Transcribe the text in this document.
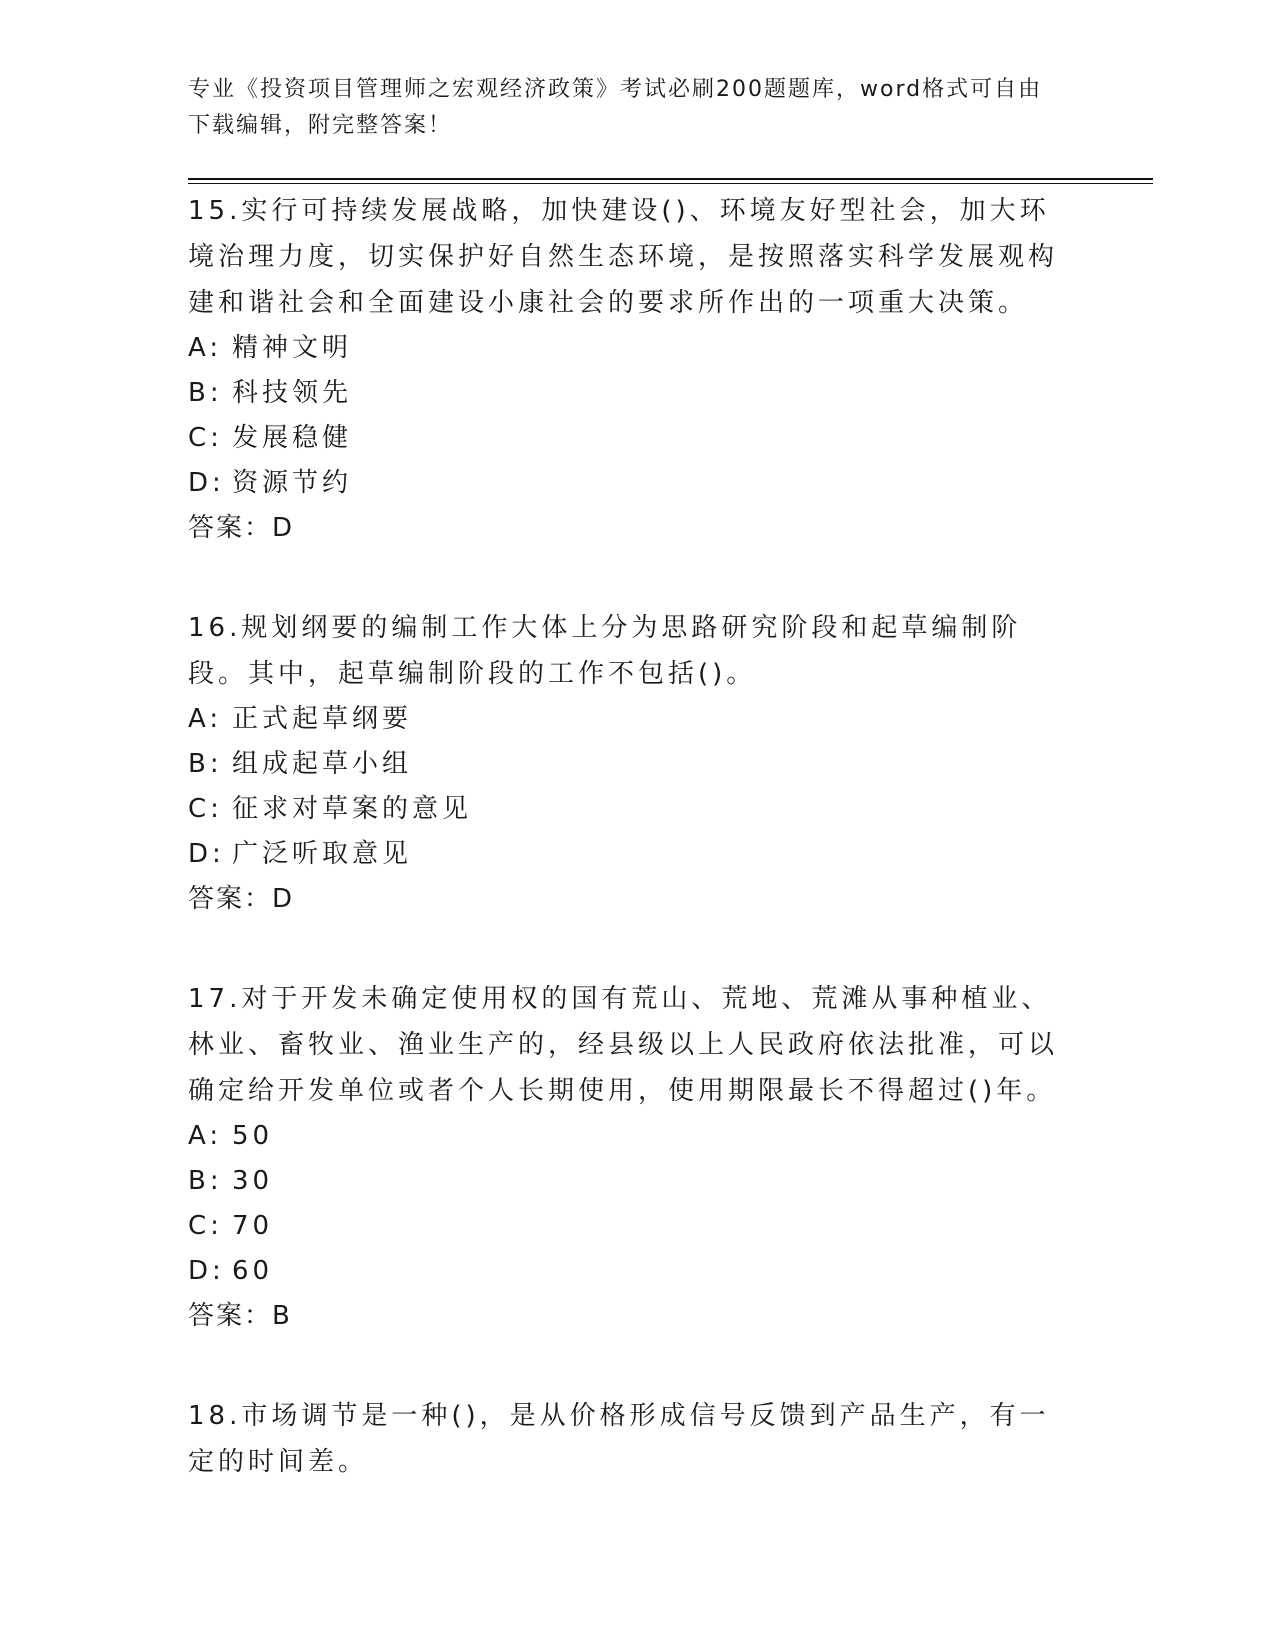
专业《投资项目管理师之宏观经济政策》考试必刷200题题库，word格式可自由
下载编辑，附完整答案！

15.实行可持续发展战略，加快建设()、环境友好型社会，加大环境治理力度，切实保护好自然生态环境，是按照落实科学发展观构建和谐社会和全面建设小康社会的要求所作出的一项重大决策。

A: 精神文明

B: 科技领先

C: 发展稳健

D: 资源节约

答案：D

16.规划纲要的编制工作大体上分为思路研究阶段和起草编制阶段。其中，起草编制阶段的工作不包括()。

A: 正式起草纲要

B: 组成起草小组

C: 征求对草案的意见

D: 广泛听取意见

答案：D

17.对于开发未确定使用权的国有荒山、荒地、荒滩从事种植业、林业、畜牧业、渔业生产的，经县级以上人民政府依法批准，可以确定给开发单位或者个人长期使用，使用期限最长不得超过()年。

A: 50

B: 30

C: 70

D: 60

答案：B

18.市场调节是一种()，是从价格形成信号反馈到产品生产，有一定的时间差。
